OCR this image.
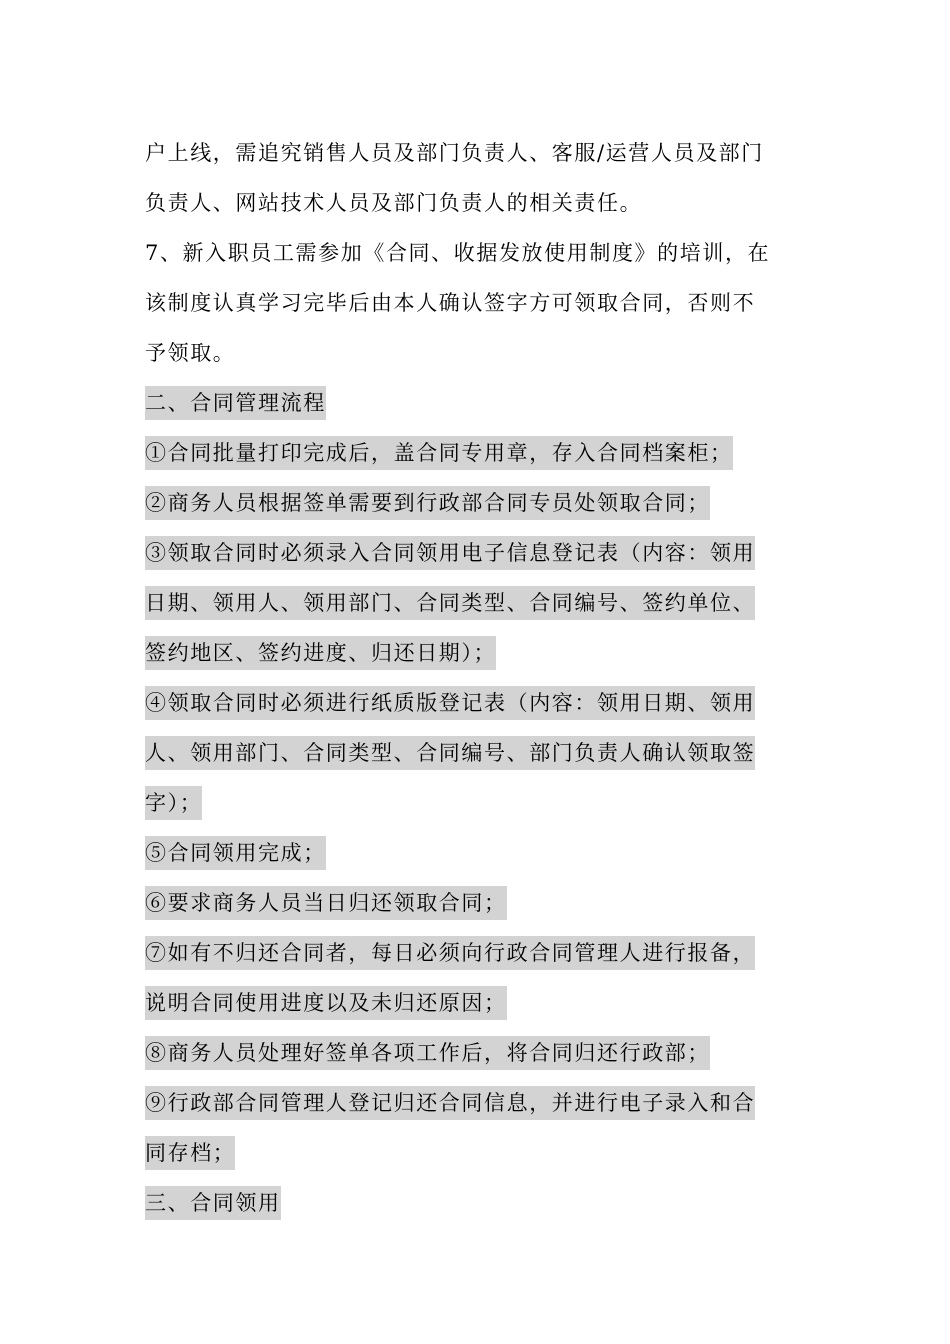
户上线，需追究销售人员及部门负责人、客服/运营人员及部门
负责人、网站技术人员及部门负责人的相关责任。
7、新入职员工需参加《合同、收据发放使用制度》的培训，在
该制度认真学习完毕后由本人确认签字方可领取合同，否则不
予领取。
二、合同管理流程
①合同批量打印完成后，盖合同专用章，存入合同档案柜；
②商务人员根据签单需要到行政部合同专员处领取合同；
③领取合同时必须录入合同领用电子信息登记表（内容：领用
日期、领用人、领用部门、合同类型、合同编号、签约单位、
签约地区、签约进度、归还日期）；
④领取合同时必须进行纸质版登记表（内容：领用日期、领用
人、领用部门、合同类型、合同编号、部门负责人确认领取签
字）；
⑤合同领用完成；
⑥要求商务人员当日归还领取合同；
⑦如有不归还合同者，每日必须向行政合同管理人进行报备，
说明合同使用进度以及未归还原因；
⑧商务人员处理好签单各项工作后，将合同归还行政部；
⑨行政部合同管理人登记归还合同信息，并进行电子录入和合
同存档；
三、合同领用
